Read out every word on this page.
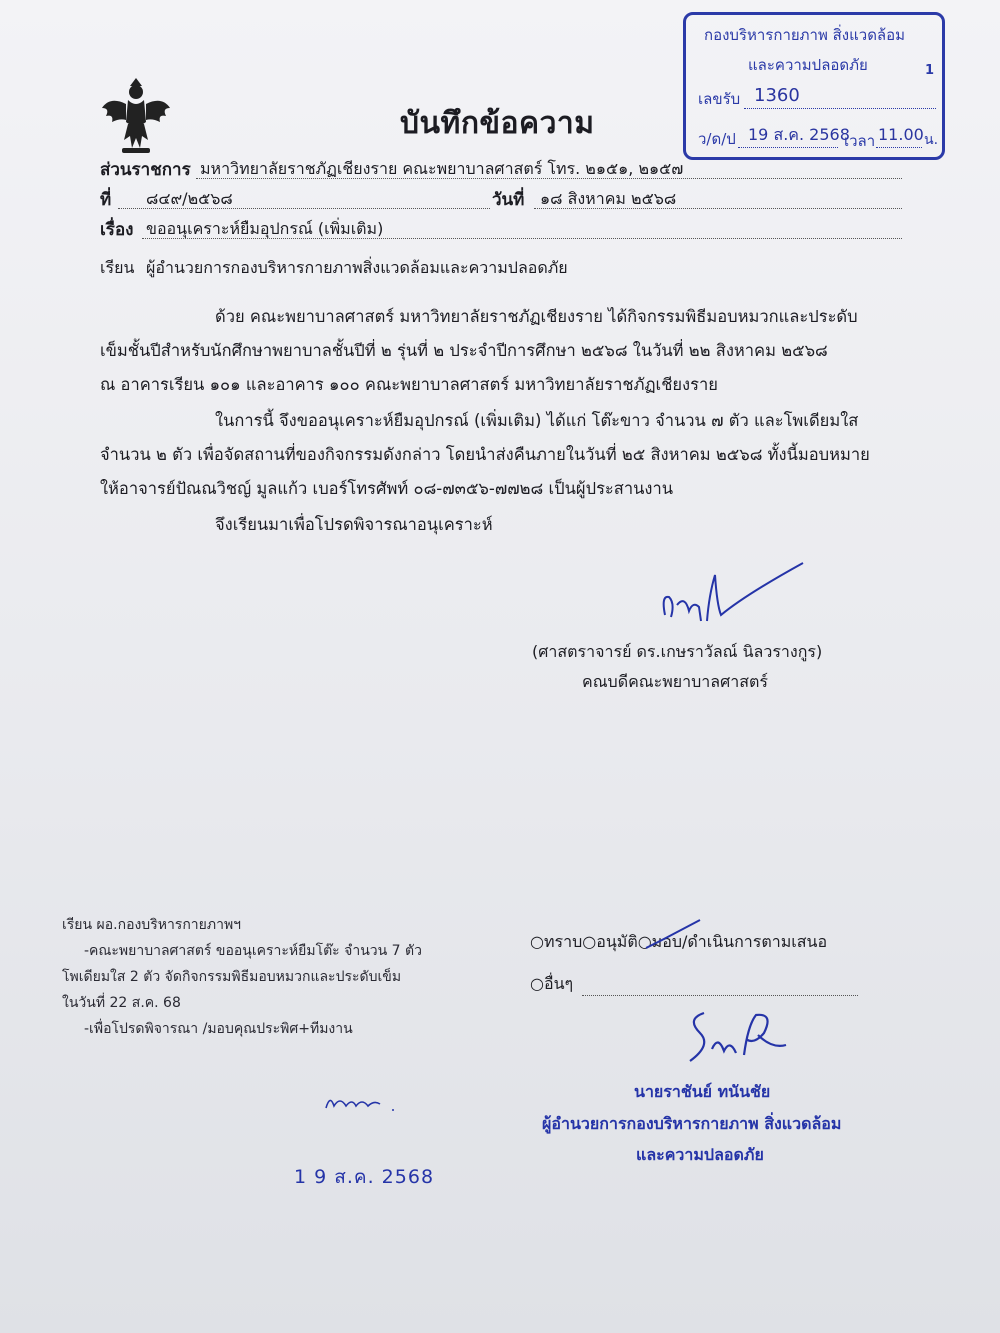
บันทึกข้อความ
กองบริหารกายภาพ สิ่งแวดล้อม
และความปลอดภัย	1
เลขรับ 1360
ว/ด/ป 19 ส.ค. 2568
เวลา 11.00 น.
ส่วนราชการ มหาวิทยาลัยราชภัฏเชียงราย คณะพยาบาลศาสตร์ โทร. ๒๑๕๑, ๒๑๕๗
ที่ ๘๔๙/๒๕๖๘	วันที่ ๑๘ สิงหาคม ๒๕๖๘
เรื่อง ขออนุเคราะห์ยืมอุปกรณ์ (เพิ่มเติม)
เรียน ผู้อำนวยการกองบริหารกายภาพสิ่งแวดล้อมและความปลอดภัย
ด้วย คณะพยาบาลศาสตร์ มหาวิทยาลัยราชภัฏเชียงราย ได้กิจกรรมพิธีมอบหมวกและประดับ
เข็มชั้นปีสำหรับนักศึกษาพยาบาลชั้นปีที่ ๒ รุ่นที่ ๒ ประจำปีการศึกษา ๒๕๖๘ ในวันที่ ๒๒ สิงหาคม ๒๕๖๘
ณ อาคารเรียน ๑๐๑ และอาคาร ๑๐๐ คณะพยาบาลศาสตร์ มหาวิทยาลัยราชภัฏเชียงราย
ในการนี้ จึงขออนุเคราะห์ยืมอุปกรณ์ (เพิ่มเติม) ได้แก่ โต๊ะขาว จำนวน ๗ ตัว และโพเดียมใส
จำนวน ๒ ตัว เพื่อจัดสถานที่ของกิจกรรมดังกล่าว โดยนำส่งคืนภายในวันที่ ๒๕ สิงหาคม ๒๕๖๘ ทั้งนี้มอบหมาย
ให้อาจารย์ปัณณวิชญ์ มูลแก้ว เบอร์โทรศัพท์ ๐๘-๗๓๕๖-๗๗๒๘ เป็นผู้ประสานงาน
จึงเรียนมาเพื่อโปรดพิจารณาอนุเคราะห์
(ศาสตราจารย์ ดร.เกษราวัลณ์ นิลวรางกูร)
คณบดีคณะพยาบาลศาสตร์
เรียน ผอ.กองบริหารกายภาพฯ
-คณะพยาบาลศาสตร์ ขออนุเคราะห์ยืมโต๊ะ จำนวน 7 ตัว
โพเดียมใส 2 ตัว จัดกิจกรรมพิธีมอบหมวกและประดับเข็ม
ในวันที่ 22 ส.ค. 68
-เพื่อโปรดพิจารณา /มอบคุณประพิศ+ทีมงาน
1 9 ส.ค. 2568
○ทราบ○อนุมัติ○มอบ/ดำเนินการตามเสนอ
○อื่นๆ
นายราชันย์ ทนันชัย
ผู้อำนวยการกองบริหารกายภาพ สิ่งแวดล้อม
และความปลอดภัย
